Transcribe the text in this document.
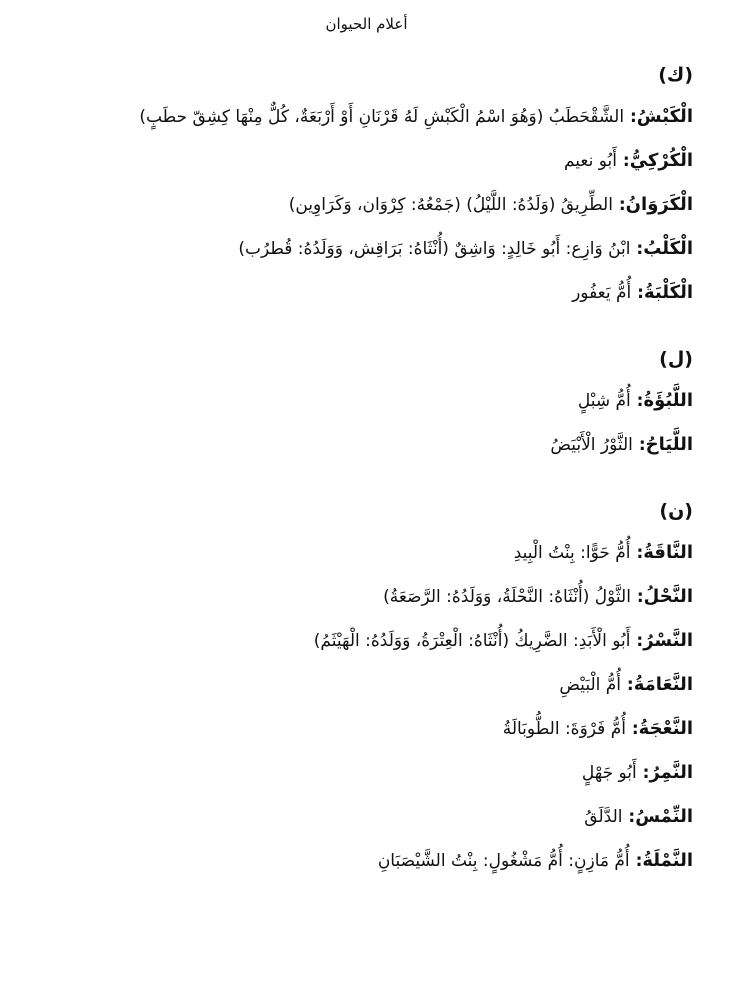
أعلام الحيوان
(ك)
الْكَبْشُ: الشَّقْحَطَبُ (وَهُوَ اسْمُ الْكَبْشِ لَهُ قَرْنَانِ أَوْ أَرْبَعَةٌ، كُلٌّ مِنْهَا كِشِقّ حطَبٍ)
الْكُرْكِيُّ: أَبُو نعيم
الْكَرَوَانُ: الطِّرِيقُ (وَلَدُهُ: اللَّيْلُ) (جَمْعُهُ: كِرْوَان، وَكَرَاوِين)
الْكَلْبُ: ابْنُ وَازِع: أَبُو خَالِدٍ: وَاشِقٌ (أُنْثَاهُ: بَرَاقِش، وَوَلَدُهُ: قُطرُب)
الْكَلْبَةُ: أُمُّ يَعفُور
(ل)
اللَّبُؤَةُ: أُمُّ شِبْلٍ
اللَّيَاحُ: الثَّوْرُ الْأَبْيَضُ
(ن)
النَّاقَةُ: أُمُّ حَوًّا: بِنْتُ الْبِيدِ
النَّحْلُ: الثَّوْلُ (أُنْثَاهُ: النَّحْلَةُ، وَوَلَدُهُ: الرَّصَعَةُ)
النَّسْرُ: أَبُو الْأَبَدِ: الضَّرِيكُ (أُنْثَاهُ: الْعِتْرَةُ، وَوَلَدُهُ: الْهَيْثَمُ)
النَّعَامَةُ: أُمُّ الْبَيْضِ
النَّعْجَةُ: أُمُّ فَرْوَةَ: الطُّوبَالَةُ
النَّمِرُ: أَبُو جَهْلٍ
النِّمْسُ: الدَّلَقُ
النَّمْلَةُ: أُمُّ مَازِنٍ: أُمُّ مَشْغُولٍ: بِنْتُ الشَّيْصَبَانِ
